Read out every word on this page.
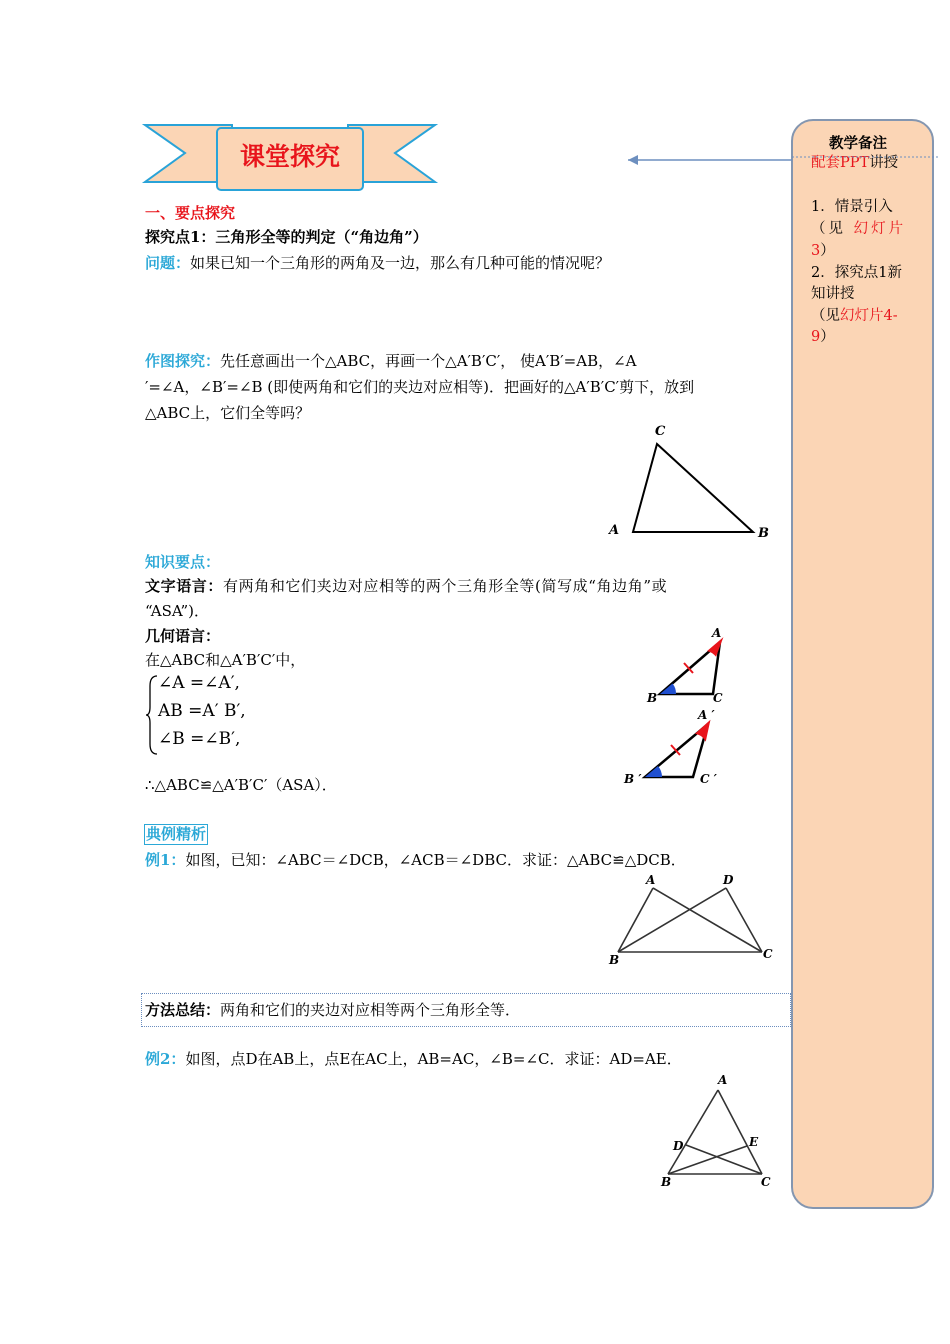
课堂探究	教学备注
配套PPT讲授
1．情景引入
（见 幻灯片
3）
2．探究点1新
知讲授
（见幻灯片4-
9）
一、要点探究
探究点1：三角形全等的判定（“角边角”）
问题：如果已知一个三角形的两角及一边，那么有几种可能的情况呢？
作图探究：先任意画出一个△ABC，再画一个△A′B′C′， 使A′B′=AB，∠A
′=∠A，∠B′=∠B (即使两角和它们的夹边对应相等)．把画好的△A′B′C′剪下，放到
△ABC上，它们全等吗？
A
C
B
知识要点：
文字语言：有两角和它们夹边对应相等的两个三角形全等(简写成“角边角”或
“ASA”)．
几何语言：
在△ABC和△A′B′C′中，
∠A =∠A′,
AB =A′ B′,
∠B =∠B′,
∴△ABC≌△A′B′C′（ASA）．
A
B	C
A ′
B ′	C ′
典例精析
例1：如图，已知：∠ABC＝∠DCB，∠ACB＝∠DBC．求证：△ABC≌△DCB．
A	D
B	C
方法总结：两角和它们的夹边对应相等两个三角形全等．
例2：如图，点D在AB上，点E在AC上，AB=AC，∠B=∠C．求证：AD=AE．
A
D	E
B	C
